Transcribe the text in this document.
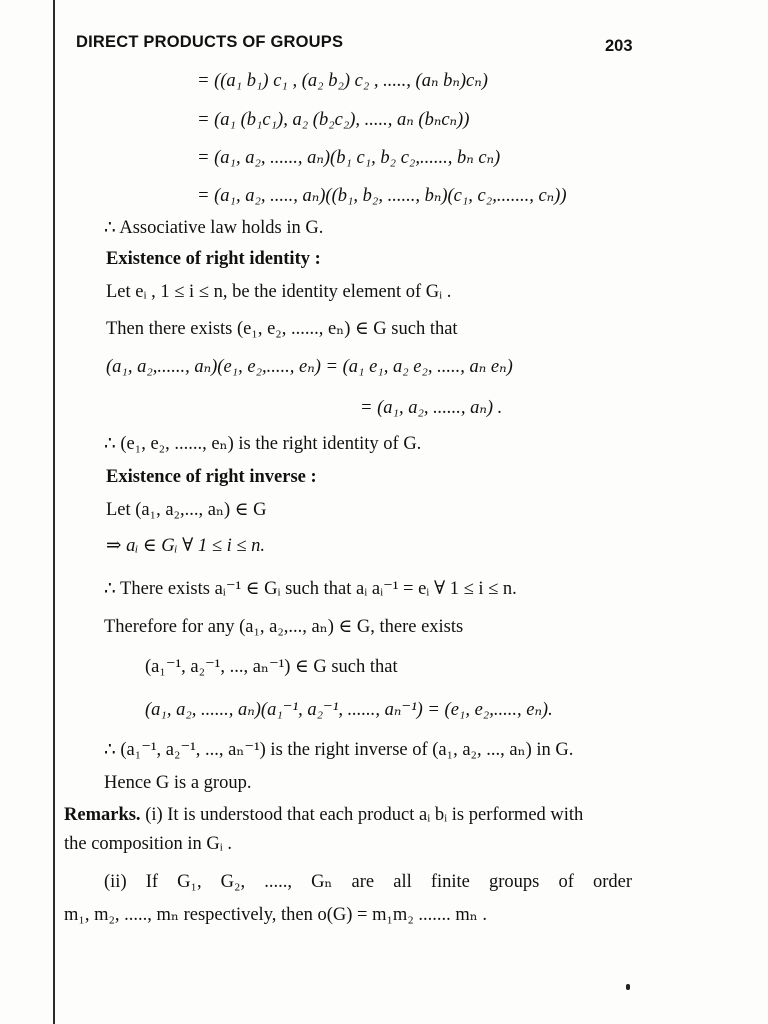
DIRECT PRODUCTS OF GROUPS	203
= ((a₁ b₁) c₁ , (a₂ b₂) c₂ , ....., (aₙ bₙ)cₙ)
= (a₁ (b₁c₁), a₂ (b₂c₂), ....., aₙ (bₙcₙ))
= (a₁, a₂, ......, aₙ)(b₁ c₁, b₂ c₂,......, bₙ cₙ)
= (a₁, a₂, ....., aₙ)((b₁, b₂, ......, bₙ)(c₁, c₂,......., cₙ))
∴ Associative law holds in G.
Existence of right identity :
Let eᵢ , 1 ≤ i ≤ n, be the identity element of Gᵢ .
Then there exists (e₁, e₂, ......, eₙ) ∈ G such that
(a₁, a₂,......, aₙ)(e₁, e₂,....., eₙ) = (a₁ e₁, a₂ e₂, ....., aₙ eₙ)
= (a₁, a₂, ......, aₙ) .
∴ (e₁, e₂, ......, eₙ) is the right identity of G.
Existence of right inverse :
Let (a₁, a₂,..., aₙ) ∈ G
⇒ aᵢ ∈ Gᵢ ∀ 1 ≤ i ≤ n.
∴ There exists aᵢ⁻¹ ∈ Gᵢ such that aᵢ aᵢ⁻¹ = eᵢ ∀ 1 ≤ i ≤ n.
Therefore for any (a₁, a₂,..., aₙ) ∈ G, there exists
(a₁⁻¹, a₂⁻¹, ..., aₙ⁻¹) ∈ G such that
(a₁, a₂, ......, aₙ)(a₁⁻¹, a₂⁻¹, ......, aₙ⁻¹) = (e₁, e₂,....., eₙ).
∴ (a₁⁻¹, a₂⁻¹, ..., aₙ⁻¹) is the right inverse of (a₁, a₂, ..., aₙ) in G.
Hence G is a group.
Remarks. (i) It is understood that each product aᵢ bᵢ is performed with
the composition in Gᵢ .
(ii) If G₁, G₂, ....., Gₙ are all finite groups of order
m₁, m₂, ....., mₙ respectively, then o(G) = m₁m₂ ....... mₙ .
